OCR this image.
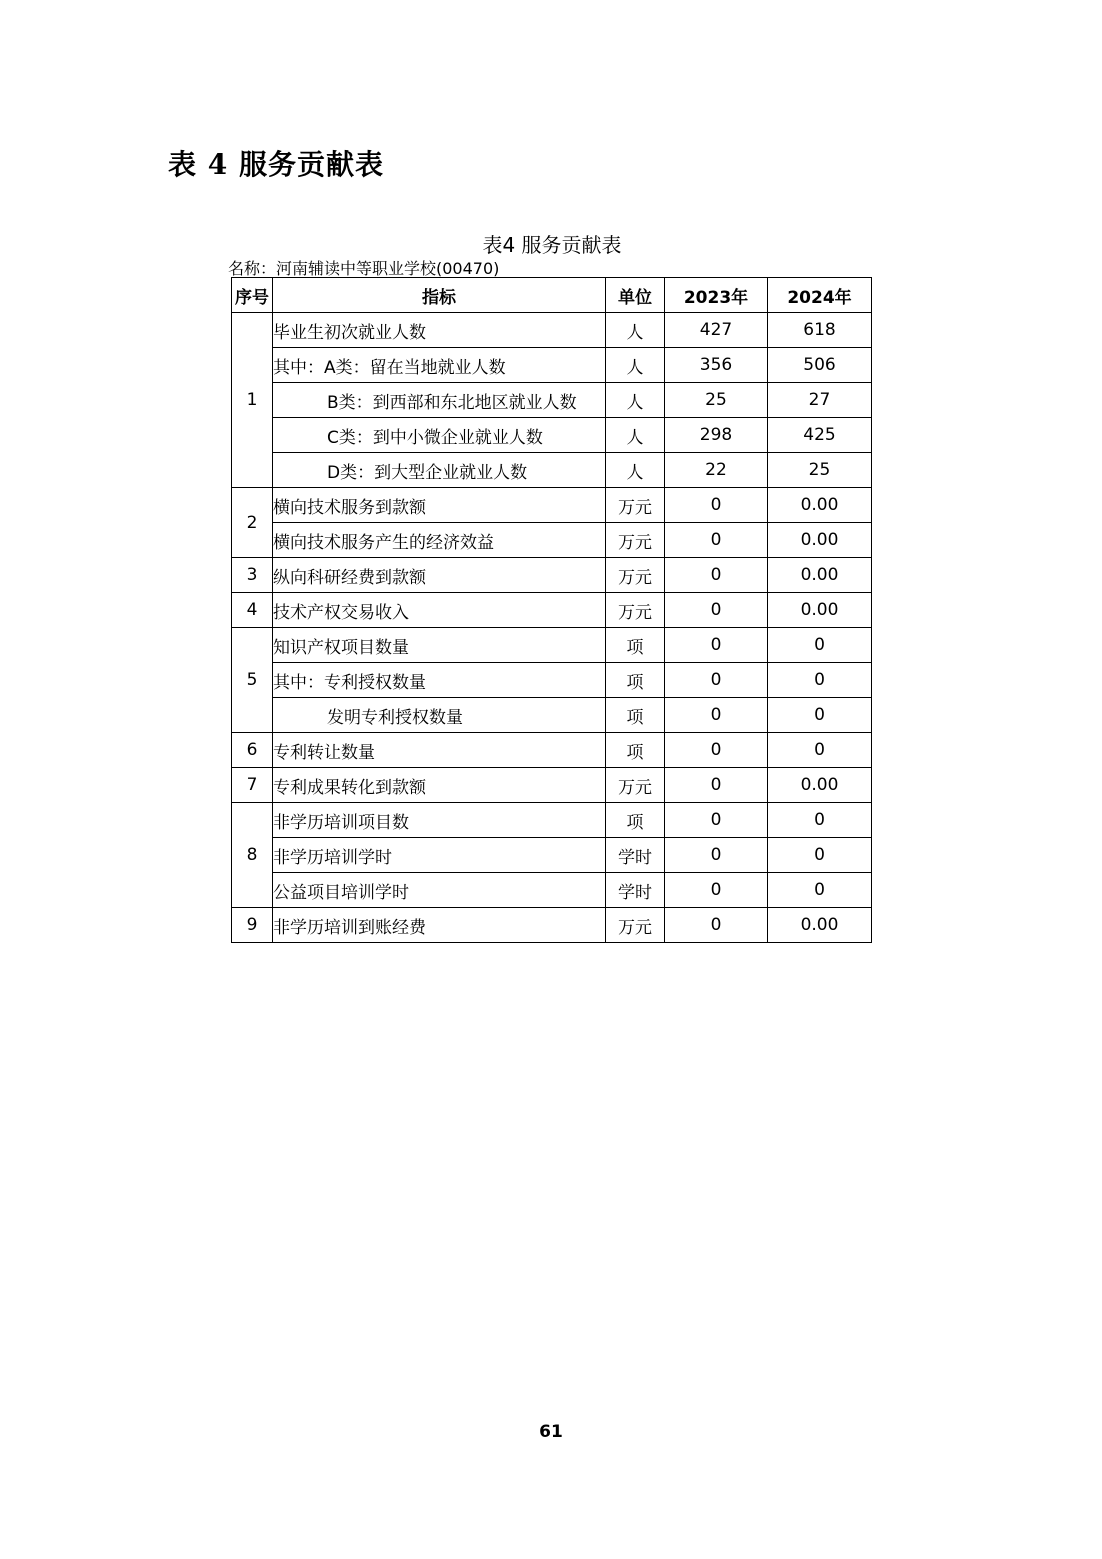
表 4 服务贡献表
表4 服务贡献表
名称：河南辅读中等职业学校(00470)
序号	指标	单位	2023年	2024年
1	毕业生初次就业人数	人	427	618
	其中：A类：留在当地就业人数	人	356	506
	B类：到西部和东北地区就业人数	人	25	27
	C类：到中小微企业就业人数	人	298	425
	D类：到大型企业就业人数	人	22	25
2	横向技术服务到款额	万元	0	0.00
	横向技术服务产生的经济效益	万元	0	0.00
3	纵向科研经费到款额	万元	0	0.00
4	技术产权交易收入	万元	0	0.00
5	知识产权项目数量	项	0	0
	其中：专利授权数量	项	0	0
	发明专利授权数量	项	0	0
6	专利转让数量	项	0	0
7	专利成果转化到款额	万元	0	0.00
8	非学历培训项目数	项	0	0
	非学历培训学时	学时	0	0
	公益项目培训学时	学时	0	0
9	非学历培训到账经费	万元	0	0.00
61
